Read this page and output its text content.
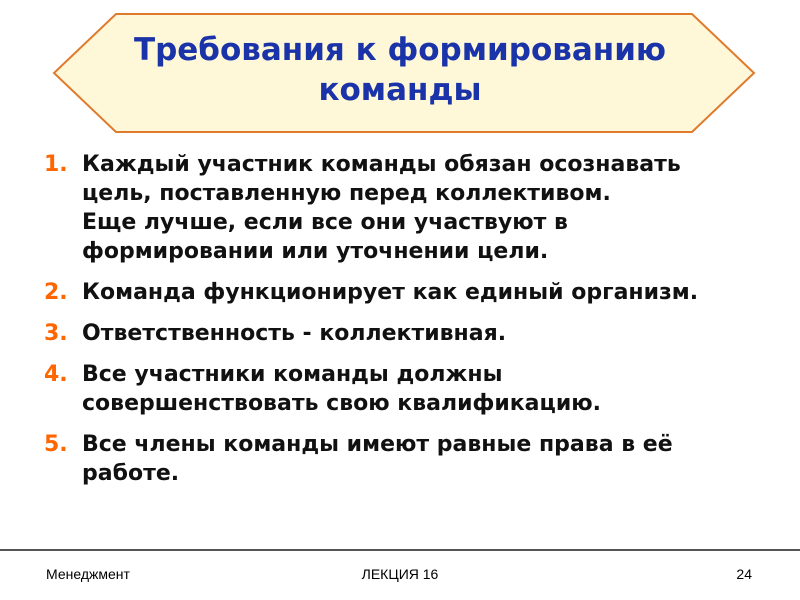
Требования к формированию
команды
1. Каждый участник команды обязан осознавать
цель, поставленную перед коллективом.
Еще лучше, если все они участвуют в
формировании или уточнении цели.
2. Команда функционирует как единый организм.
3. Ответственность - коллективная.
4. Все участники команды должны
совершенствовать свою квалификацию.
5. Все члены команды имеют равные права в её
работе.
Менеджмент	ЛЕКЦИЯ 16	24
